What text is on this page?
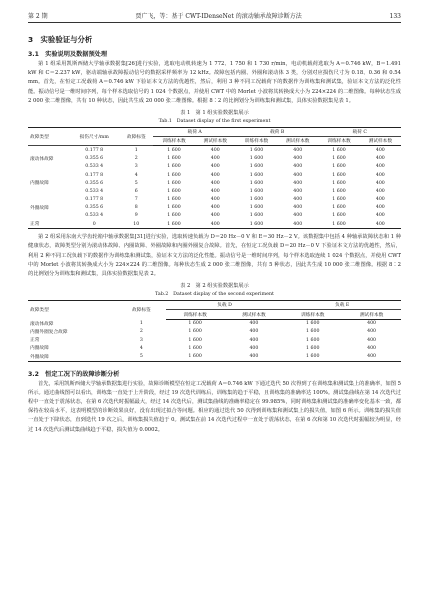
第 2 期	贾广飞，等：基于 CWT-IDenseNet 的滚动轴承故障诊断方法	133
3　实验验证与分析
3.1　实验说明及数据预处理

第 1 组采用凯斯西储大学轴承数据集[26]进行实验，选取电动机转速为 1 772、1 750 和 1 730 r/min，电动机载荷选取为 A＝0.746 kW，B＝1.491 kW 和 C＝2.237 kW，驱动端轴承故障振动信号的数据采样频率为 12 kHz。故障包括内圈、外圈和滚动体 3 类，分别对应损伤尺寸为 0.18、0.36 和 0.54 mm。首先，在恒定工况载荷 A＝0.746 kW 下验证本文方法的优越性，然后，利用 3 种不同工况载荷下的数据作为训练集和测试集，验证本文方法的泛化性能。振动信号是一维时间序列，每个样本选取信号的 1 024 个数据点，并使用 CWT 中的 Morlet 小波将其转换成大小为 224×224 的二维图像。每种状态生成 2 000 张二维图像，共有 10 种状态，因此共生成 20 000 张二维图像。根据 8∶2 的比例划分为训练集和测试集，具体实验数据集见表 1。

表 1　第 1 组实验数据集展示
Tab.1　Dataset display of the first experiment
故障类型	损伤尺寸/mm	故障标签	载荷 A		载荷 B		载荷 C	
			训练样本数	测试样本数	训练样本数	测试样本数	训练样本数	测试样本数
	0.177 8	1	1 600	400	1 600	400	1 600	400
滚动体故障	0.355 6	2	1 600	400	1 600	400	1 600	400
	0.533 4	3	1 600	400	1 600	400	1 600	400
	0.177 8	4	1 600	400	1 600	400	1 600	400
内圈故障	0.355 6	5	1 600	400	1 600	400	1 600	400
	0.533 4	6	1 600	400	1 600	400	1 600	400
	0.177 8	7	1 600	400	1 600	400	1 600	400
外圈故障	0.355 6	8	1 600	400	1 600	400	1 600	400
	0.533 4	9	1 600	400	1 600	400	1 600	400
正常	0	10	1 600	400	1 600	400	1 600	400

第 2 组采用东南大学齿轮箱中轴承数据集[31]进行实验，选取转速负载为 D＝20 Hz－0 V 和 E＝30 Hz－2 V。该数据集中包括 4 种轴承故障状态和 1 种健康状态，故障类型分别为滚动体故障、内圈故障、外圈故障和内圈外圈复合故障。首先，在恒定工况负载 D＝20 Hz－0 V 下验证本文方法的优越性，然后，利用 2 种不同工况负载下的数据作为训练集和测试集，验证本文方法的泛化性能。振动信号是一维时间序列，每个样本选取连续 1 024 个数据点，并使用 CWT 中的 Morlet 小波将其转换成大小为 224×224 的二维图像。每种状态生成 2 000 张二维图像，共有 5 种状态，因此共生成 10 000 张二维图像。根据 8∶2 的比例划分为训练集和测试集，具体实验数据集见表 2。

表 2　第 2 组实验数据集展示
Tab.2　Dataset display of the second experiment
故障类型	故障标签	负载 D		负载 E	
		训练样本数	测试样本数	训练样本数	测试样本数
滚动体故障	1	1 600	400	1 600	400
内圈外圈复合故障	2	1 600	400	1 600	400
正常	3	1 600	400	1 600	400
内圈故障	4	1 600	400	1 600	400
外圈故障	5	1 600	400	1 600	400
3.2　恒定工况下的故障诊断分析

首先，采用凯斯西储大学轴承数据集进行实验，故障诊断模型在恒定工况载荷 A＝0.746 kW 下通过迭代 50 次得到了在训练集和测试集上的准确率，如图 5 所示。通过曲线图可以看出，训练集一直处于上升阶段，经过 19 次迭代训练后，训练集的趋于平稳，且训练集的准确率达 100%。测试集曲线在第 14 次迭代过程中一直处于震荡状态，在第 6 次迭代时振幅最大，经过 14 次迭代后，测试集曲线的准确率稳定在 99.985%，同时训练集和测试集的准确率变化基本一致，都保持在较高水平，这表明模型的诊断效果良好，没有出现过拟合等问题。相应的通过迭代 50 次得到训练集和测试集上的损失值，如图 6 所示。训练集的损失值一直处于下降状态，直到迭代 19 次之后，训练集损失值趋于 0。测试集在前 14 次迭代过程中一直处于震荡状态，在第 6 次和第 10 次迭代时振幅较为明显，经过 14 次迭代后测试集曲线趋于平稳，损失值为 0.0002。
